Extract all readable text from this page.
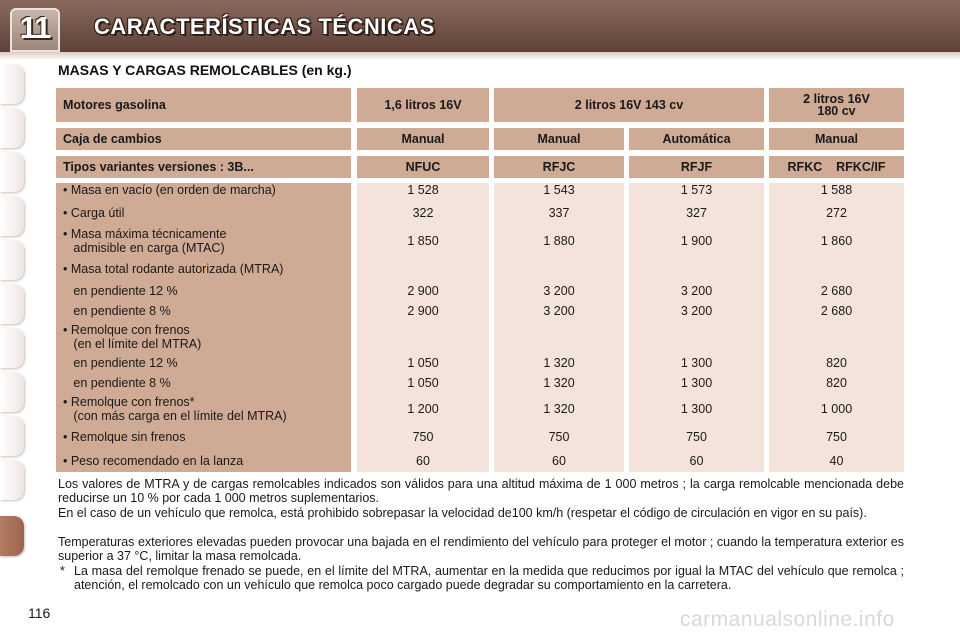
11	CARACTERÍSTICAS TÉCNICAS
MASAS Y CARGAS REMOLCABLES (en kg.)
Motores gasolina	1,6 litros 16V	2 litros 16V 143 cv	2 litros 16V
180 cv
Caja de cambios	Manual	Manual	Automática	Manual
Tipos variantes versiones : 3B...	NFUC	RFJC	RFJF	RFKC    RFKC/IF
• Masa en vacío (en orden de marcha)	1 528	1 543	1 573	1 588
• Carga útil	322	337	327	272
• Masa máxima técnicamente
admisible en carga (MTAC)	1 850	1 880	1 900	1 860
• Masa total rodante autorizada (MTRA)
en pendiente 12 %	2 900	3 200	3 200	2 680
en pendiente 8 %	2 900	3 200	3 200	2 680
• Remolque con frenos
(en el límite del MTRA)
en pendiente 12 %	1 050	1 320	1 300	820
en pendiente 8 %	1 050	1 320	1 300	820
• Remolque con frenos*
(con más carga en el límite del MTRA)	1 200	1 320	1 300	1 000
• Remolque sin frenos	750	750	750	750
• Peso recomendado en la lanza	60	60	60	40
Los valores de MTRA y de cargas remolcables indicados son válidos para una altitud máxima de 1 000 metros ; la carga remolcable mencionada debe reducirse un 10 % por cada 1 000 metros suplementarios.
En el caso de un vehículo que remolca, está prohibido sobrepasar la velocidad de100 km/h (respetar el código de circulación en vigor en su país).
Temperaturas exteriores elevadas pueden provocar una bajada en el rendimiento del vehículo para proteger el motor ; cuando la temperatura exterior es superior a 37 °C, limitar la masa remolcada.
* La masa del remolque frenado se puede, en el límite del MTRA, aumentar en la medida que reducimos por igual la MTAC del vehículo que remolca ; atención, el remolcado con un vehículo que remolca poco cargado puede degradar su comportamiento en la carretera.
116	carmanualsonline.info
